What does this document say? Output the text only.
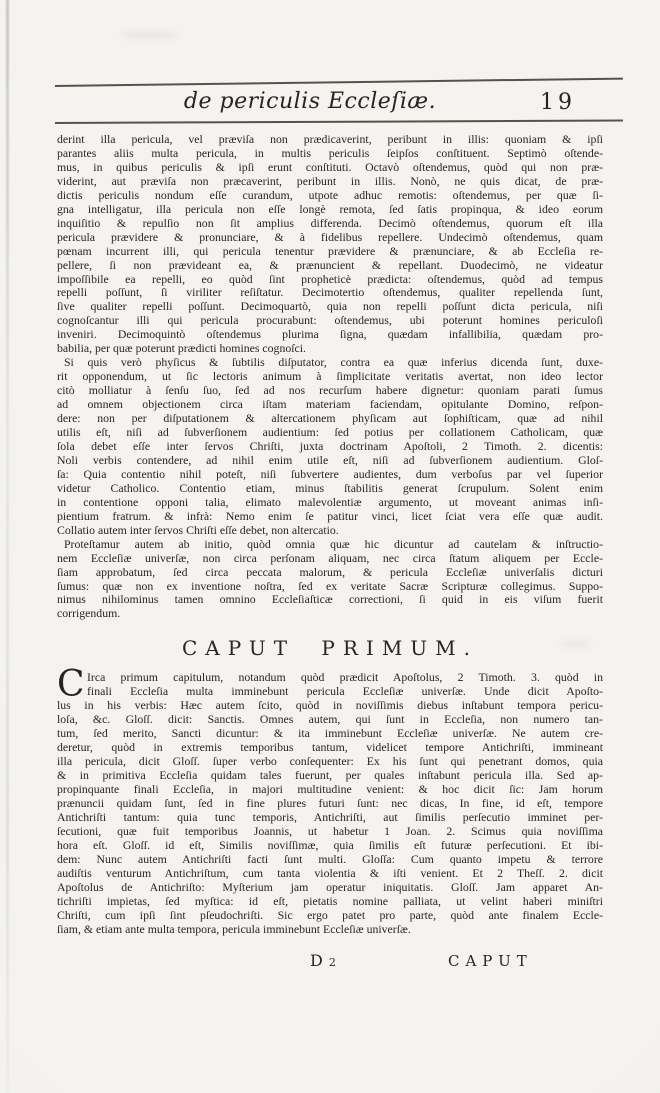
de periculis Eccleſiæ.	19
derint illa pericula, vel præviſa non prædicaverint, peribunt in illis: quoniam & ipſi
parantes aliis multa pericula, in multis periculis ſeipſos conſtituent. Septimò oſtende-
mus, in quibus periculis & ipſi erunt conſtituti. Octavò oſtendemus, quòd qui non præ-
viderint, aut præviſa non præcaverint, peribunt in illis. Nonò, ne quis dicat, de præ-
dictis periculis nondum eſſe curandum, utpote adhuc remotis: oſtendemus, per quæ ſi-
gna intelligatur, illa pericula non eſſe longè remota, ſed ſatis propinqua, & ideo eorum
inquiſitio & repulſio non ſit amplius differenda. Decimò oſtendemus, quorum eſt illa
pericula prævidere & pronunciare, & à fidelibus repellere. Undecimò oſtendemus, quam
pœnam incurrent illi, qui pericula tenentur prævidere & prænunciare, & ab Eccleſia re-
pellere, ſi non prævideant ea, & prænuncient & repellant. Duodecimò, ne videatur
impoſſibile ea repelli, eo quòd ſint propheticè prædicta: oſtendemus, quòd ad tempus
repelli poſſunt, ſi viriliter reſiſtatur. Decimotertio oſtendemus, qualiter repellenda ſunt,
ſive qualiter repelli poſſunt. Decimoquartò, quia non repelli poſſunt dicta pericula, niſi
cognoſcantur illi qui pericula procurabunt: oſtendemus, ubi poterunt homines periculoſi
inveniri. Decimoquintò oſtendemus plurima ſigna, quædam infallibilia, quædam pro-
babilia, per quæ poterunt prædicti homines cognoſci.
Si quis verò phyſicus & ſubtilis diſputator, contra ea quæ inferius dicenda ſunt, duxe-
rit opponendum, ut ſic lectoris animum à ſimplicitate veritatis avertat, non ideo lector
citò molliatur à ſenſu ſuo, ſed ad nos recurſum habere dignetur: quoniam parati ſumus
ad omnem objectionem circa iſtam materiam faciendam, opitulante Domino, reſpon-
dere: non per diſputationem & altercationem phyſicam aut ſophiſticam, quæ ad nihil
utilis eſt, niſi ad ſubverſionem audientium: ſed potius per collationem Catholicam, quæ
ſola debet eſſe inter ſervos Chriſti, juxta doctrinam Apoſtoli, 2 Timoth. 2. dicentis:
Noli verbis contendere, ad nihil enim utile eſt, niſi ad ſubverſionem audientium. Gloſ-
ſa: Quia contentio nihil poteſt, niſi ſubvertere audientes, dum verboſus par vel ſuperior
videtur Catholico. Contentio etiam, minus ſtabilitis generat ſcrupulum. Solent enim
in contentione opponi talia, elimato malevolentiæ argumento, ut moveant animas inſi-
pientium fratrum. & infrà: Nemo enim ſe patitur vinci, licet ſciat vera eſſe quæ audit.
Collatio autem inter ſervos Chriſti eſſe debet, non altercatio.
Proteſtamur autem ab initio, quòd omnia quæ hic dicuntur ad cautelam & inſtructio-
nem Eccleſiæ univerſæ, non circa perſonam aliquam, nec circa ſtatum aliquem per Eccle-
ſiam approbatum, ſed circa peccata malorum, & pericula Eccleſiæ univerſalis dicturi
ſumus: quæ non ex inventione noſtra, ſed ex veritate Sacræ Scripturæ collegimus. Suppo-
nimus nihilominus tamen omnino Eccleſiaſticæ correctioni, ſi quid in eis viſum fuerit
corrigendum.
CAPUT PRIMUM.
C Irca primum capitulum, notandum quòd prædicit Apoſtolus, 2 Timoth. 3. quòd in
finali Eccleſia multa imminebunt pericula Eccleſiæ univerſæ. Unde dicit Apoſto-
lus in his verbis: Hæc autem ſcito, quòd in noviſſimis diebus inſtabunt tempora pericu-
loſa, &c. Gloſſ. dicit: Sanctis. Omnes autem, qui ſunt in Eccleſia, non numero tan-
tum, ſed merito, Sancti dicuntur: & ita imminebunt Eccleſiæ univerſæ. Ne autem cre-
deretur, quòd in extremis temporibus tantum, videlicet tempore Antichriſti, immineant
illa pericula, dicit Gloſſ. ſuper verbo conſequenter: Ex his ſunt qui penetrant domos, quia
& in primitiva Eccleſia quidam tales fuerunt, per quales inſtabunt pericula illa. Sed ap-
propinquante finali Eccleſia, in majori multitudine venient: & hoc dicit ſic: Jam horum
prænuncii quidam ſunt, ſed in fine plures futuri ſunt: nec dicas, In fine, id eſt, tempore
Antichriſti tantum: quia tunc temporis, Antichriſti, aut ſimilis perſecutio imminet per-
ſecutioni, quæ fuit temporibus Joannis, ut habetur 1 Joan. 2. Scimus quia noviſſima
hora eſt. Gloſſ. id eſt, Similis noviſſimæ, quia ſimilis eſt futuræ perſecutioni. Et ibi-
dem: Nunc autem Antichriſti facti ſunt multi. Gloſſa: Cum quanto impetu & terrore
audiſtis venturum Antichriſtum, cum tanta violentia & iſti venient. Et 2 Theſſ. 2. dicit
Apoſtolus de Antichriſto: Myſterium jam operatur iniquitatis. Gloſſ. Jam apparet An-
tichriſti impietas, ſed myſtica: id eſt, pietatis nomine palliata, ut velint haberi miniſtri
Chriſti, cum ipſi ſint pſeudochriſti. Sic ergo patet pro parte, quòd ante finalem Eccle-
ſiam, & etiam ante multa tempora, pericula imminebunt Eccleſiæ univerſæ.
D 2	CAPUT
